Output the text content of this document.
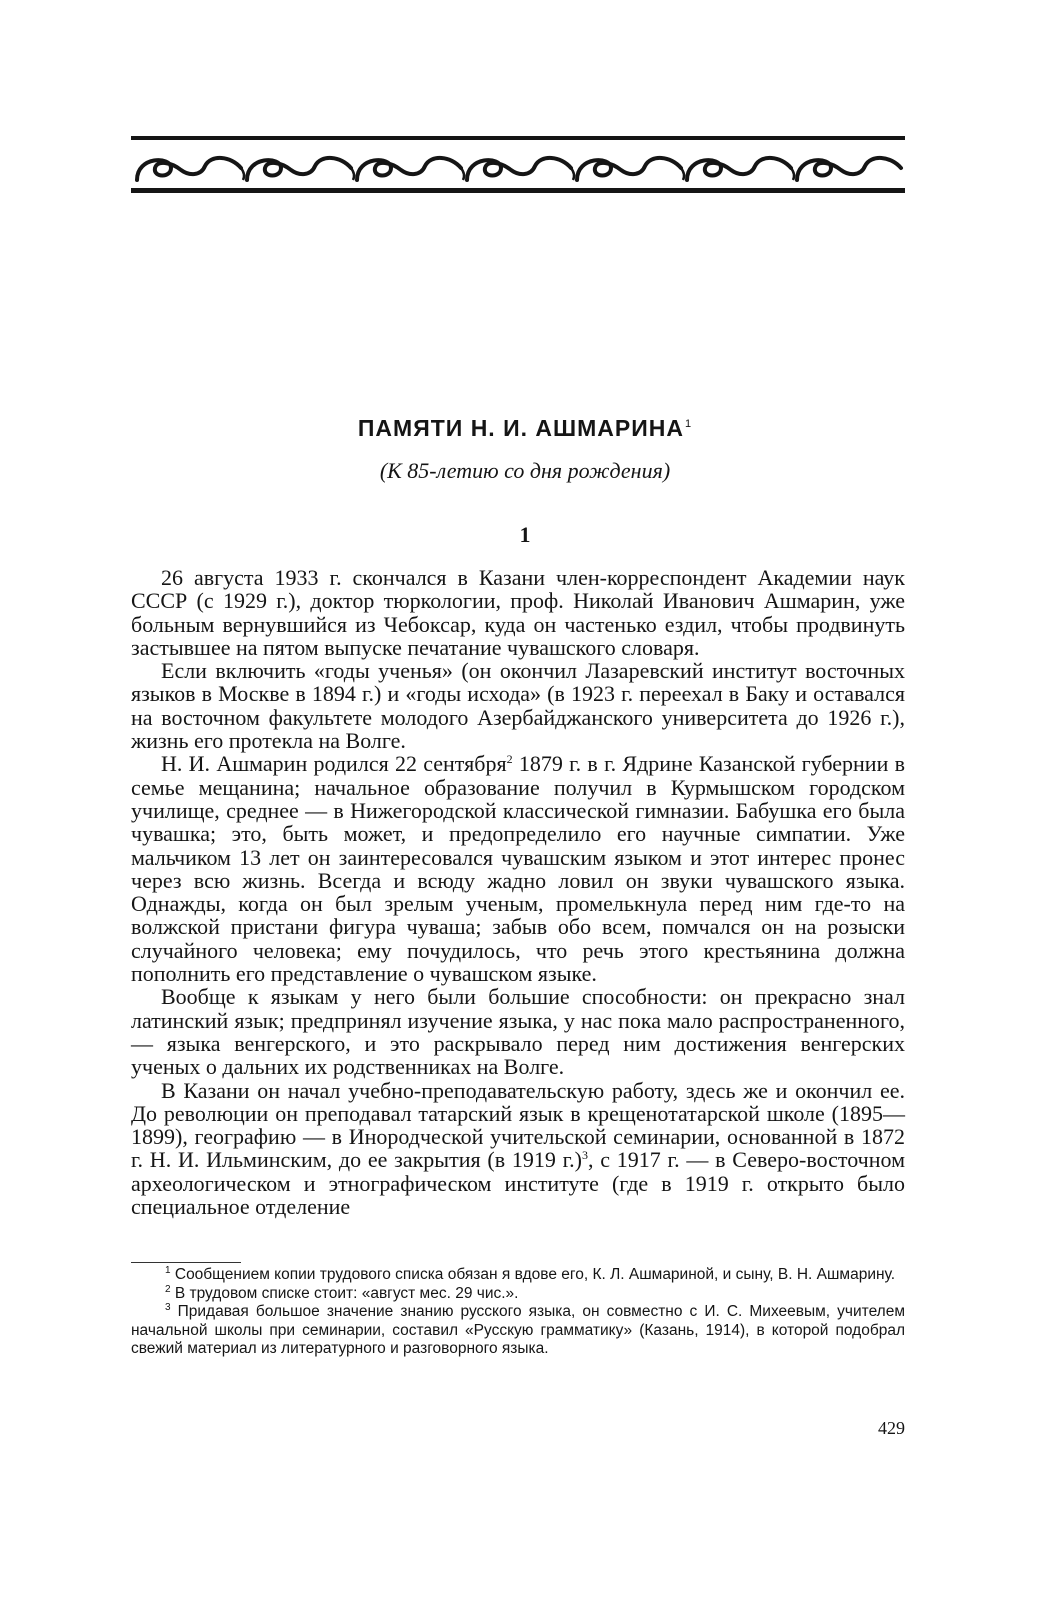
ПАМЯТИ Н. И. АШМАРИНА$^1$
(К 85-летию со дня рождения)
1

26 августа 1933 г. скончался в Казани член-корреспондент Академии наук СССР (с 1929 г.), доктор тюркологии, проф. Николай Иванович Ашмарин, уже больным вернувшийся из Чебоксар, куда он частенько ездил, чтобы продвинуть застывшее на пятом выпуске печатание чувашского словаря.

Если включить «годы ученья» (он окончил Лазаревский институт восточных языков в Москве в 1894 г.) и «годы исхода» (в 1923 г. переехал в Баку и оставался на восточном факультете молодого Азербайджанского университета до 1926 г.), жизнь его протекла на Волге.

Н. И. Ашмарин родился 22 сентября$^2$ 1879 г. в г. Ядрине Казанской губернии в семье мещанина; начальное образование получил в Курмышском городском училище, среднее — в Нижегородской классической гимназии. Бабушка его была чувашка; это, быть может, и предопределило его научные симпатии. Уже мальчиком 13 лет он заинтересовался чувашским языком и этот интерес пронес через всю жизнь. Всегда и всюду жадно ловил он звуки чувашского языка. Однажды, когда он был зрелым ученым, промелькнула перед ним где-то на волжской пристани фигура чуваша; забыв обо всем, помчался он на розыски случайного человека; ему почудилось, что речь этого крестьянина должна пополнить его представление о чувашском языке.

Вообще к языкам у него были большие способности: он прекрасно знал латинский язык; предпринял изучение языка, у нас пока мало распространенного, — языка венгерского, и это раскрывало перед ним достижения венгерских ученых о дальних их родственниках на Волге.

В Казани он начал учебно-преподавательскую работу, здесь же и окончил ее. До революции он преподавал татарский язык в крещенотатарской школе (1895—1899), географию — в Инородческой учительской семинарии, основанной в 1872 г. Н. И. Ильминским, до ее закрытия (в 1919 г.)$^3$, с 1917 г. — в Северо-восточном археологическом и этнографическом институте (где в 1919 г. открыто было специальное отделение

$^1$ Сообщением копии трудового списка обязан я вдове его, К. Л. Ашмариной, и сыну, В. Н. Ашмарину.

$^2$ В трудовом списке стоит: «август мес. 29 чис.».

$^3$ Придавая большое значение знанию русского языка, он совместно с И. С. Михеевым, учителем начальной школы при семинарии, составил «Русскую грамматику» (Казань, 1914), в которой подобрал свежий материал из литературного и разговорного языка.

429
